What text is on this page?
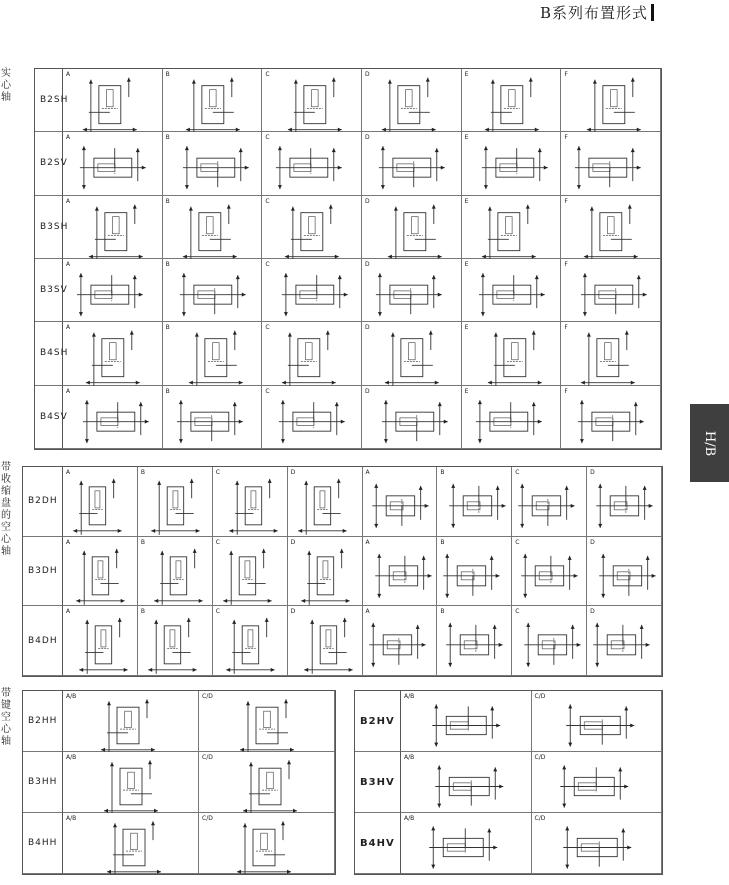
B系列布置形式
H/B
实心轴
带收缩盘的空心轴
带键空心轴
B2SH
A	B	C	D	E	F
B2SV
A	B	C	D	E	F
B3SH
A	B	C	D	E	F
B3SV
A	B	C	D	E	F
B4SH
A	B	C	D	E	F
B4SV
A	B	C	D	E	F
B2DH
A	B	C	D	A	B	C	D
B3DH
A	B	C	D	A	B	C	D
B4DH
A	B	C	D	A	B	C	D
B2HH
A/B	C/D
B3HH
A/B	C/D
B4HH
A/B	C/D
B2HV
A/B	C/D
B3HV
A/B	C/D
B4HV
A/B	C/D
